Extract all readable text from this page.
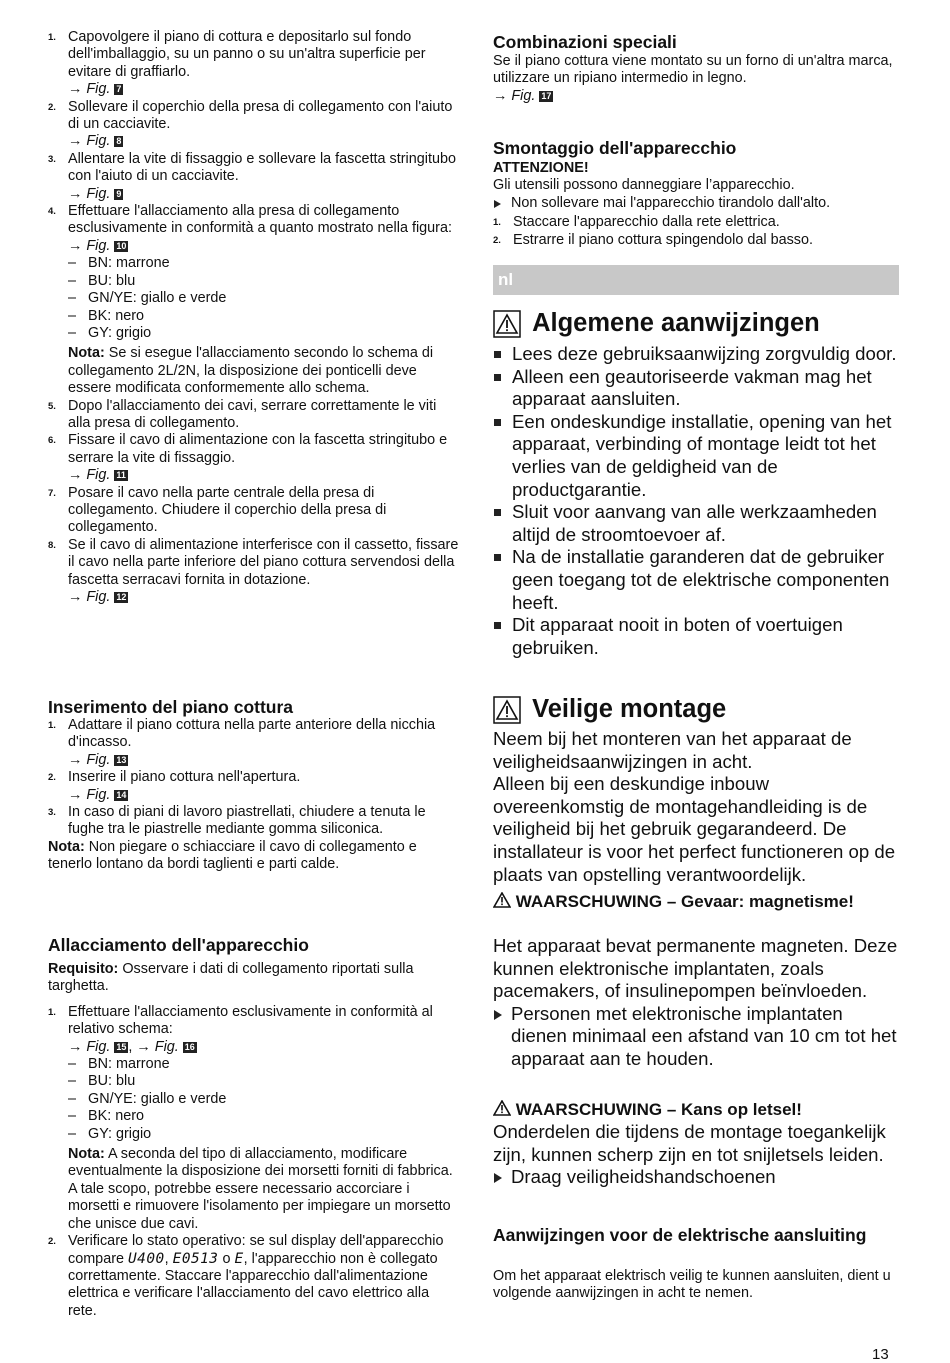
1. Capovolgere il piano di cottura e depositarlo sul fondo dell'imballaggio, su un panno o su un'altra superficie per evitare di graffiarlo.
→ Fig. 7
2. Sollevare il coperchio della presa di collegamento con l'aiuto di un cacciavite.
→ Fig. 8
3. Allentare la vite di fissaggio e sollevare la fascetta stringitubo con l'aiuto di un cacciavite.
→ Fig. 9
4. Effettuare l'allacciamento alla presa di collegamento esclusivamente in conformità a quanto mostrato nella figura:
→ Fig. 10
– BN: marrone
– BU: blu
– GN/YE: giallo e verde
– BK: nero
– GY: grigio
Nota: Se si esegue l'allacciamento secondo lo schema di collegamento 2L/2N, la disposizione dei ponticelli deve essere modificata conformemente allo schema.
5. Dopo l'allacciamento dei cavi, serrare correttamente le viti alla presa di collegamento.
6. Fissare il cavo di alimentazione con la fascetta stringitubo e serrare la vite di fissaggio.
→ Fig. 11
7. Posare il cavo nella parte centrale della presa di collegamento. Chiudere il coperchio della presa di collegamento.
8. Se il cavo di alimentazione interferisce con il cassetto, fissare il cavo nella parte inferiore del piano cottura servendosi della fascetta serracavi fornita in dotazione.
→ Fig. 12
Inserimento del piano cottura
1. Adattare il piano cottura nella parte anteriore della nicchia d'incasso.
→ Fig. 13
2. Inserire il piano cottura nell'apertura.
→ Fig. 14
3. In caso di piani di lavoro piastrellati, chiudere a tenuta le fughe tra le piastrelle mediante gomma siliconica.
Nota: Non piegare o schiacciare il cavo di collegamento e tenerlo lontano da bordi taglienti e parti calde.
Allacciamento dell'apparecchio
Requisito: Osservare i dati di collegamento riportati sulla targhetta.
1. Effettuare l'allacciamento esclusivamente in conformità al relativo schema:
→ Fig. 15 , → Fig. 16
– BN: marrone
– BU: blu
– GN/YE: giallo e verde
– BK: nero
– GY: grigio
Nota: A seconda del tipo di allacciamento, modificare eventualmente la disposizione dei morsetti forniti di fabbrica. A tale scopo, potrebbe essere necessario accorciare i morsetti e rimuovere l'isolamento per impiegare un morsetto che unisce due cavi.
2. Verificare lo stato operativo: se sul display dell'apparecchio compare U400, E0513 o E, l'apparecchio non è collegato correttamente. Staccare l'apparecchio dall'alimentazione elettrica e verificare l'allacciamento del cavo elettrico alla rete.
Combinazioni speciali
Se il piano cottura viene montato su un forno di un'altra marca, utilizzare un ripiano intermedio in legno.
→ Fig. 17
Smontaggio dell'apparecchio
ATTENZIONE!
Gli utensili possono danneggiare l’apparecchio.
Non sollevare mai l'apparecchio tirandolo dall'alto.
1. Staccare l'apparecchio dalla rete elettrica.
2. Estrarre il piano cottura spingendolo dal basso.
nl
Algemene aanwijzingen
Lees deze gebruiksaanwijzing zorgvuldig door.
Alleen een geautoriseerde vakman mag het apparaat aansluiten.
Een ondeskundige installatie, opening van het apparaat, verbinding of montage leidt tot het verlies van de geldigheid van de productgarantie.
Sluit voor aanvang van alle werkzaamheden altijd de stroomtoevoer af.
Na de installatie garanderen dat de gebruiker geen toegang tot de elektrische componenten heeft.
Dit apparaat nooit in boten of voertuigen gebruiken.
Veilige montage
Neem bij het monteren van het apparaat de veiligheidsaanwijzingen in acht.
Alleen bij een deskundige inbouw overeenkomstig de montagehandleiding is de veiligheid bij het gebruik gegarandeerd. De installateur is voor het perfect functioneren op de plaats van opstelling verantwoordelijk.
WAARSCHUWING – Gevaar: magnetisme!
Het apparaat bevat permanente magneten. Deze kunnen elektronische implantaten, zoals pacemakers, of insulinepompen beïnvloeden.
Personen met elektronische implantaten dienen minimaal een afstand van 10 cm tot het apparaat aan te houden.
WAARSCHUWING – Kans op letsel!
Onderdelen die tijdens de montage toegankelijk zijn, kunnen scherp zijn en tot snijletsels leiden.
Draag veiligheidshandschoenen
Aanwijzingen voor de elektrische aansluiting
Om het apparaat elektrisch veilig te kunnen aansluiten, dient u volgende aanwijzingen in acht te nemen.
13
